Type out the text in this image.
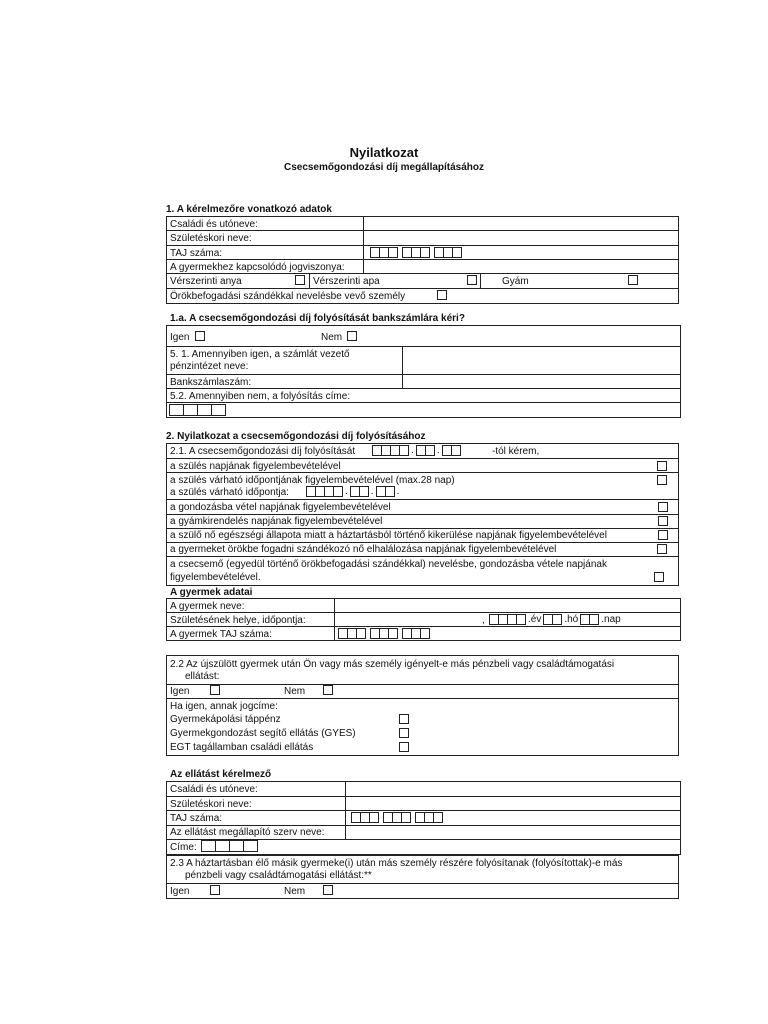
Nyilatkozat
Csecsemőgondozási díj megállapításához
1. A kérelmezőre vonatkozó adatok
Családi és utóneve:
Születéskori neve:
TAJ száma:
A gyermekhez kapcsolódó jogviszonya:
Vérszerinti anya	Vérszerinti apa	Gyám
Örökbefogadási szándékkal nevelésbe vevő személy
1.a. A csecsemőgondozási díj folyósítását bankszámlára kéri?
Igen	Nem
5. 1. Amennyiben igen, a számlát vezető
pénzintézet neve:
Bankszámlaszám:
5.2. Amennyiben nem, a folyósítás címe:
2. Nyilatkozat a csecsemőgondozási díj folyósításához
2.1. A csecsemőgondozási díj folyósítását	. .	-tól kérem,
a szülés napjának figyelembevételével
a szülés várható időpontjának figyelembevételével (max.28 nap)
a szülés várható időpontja:	. . .
a gondozásba vétel napjának figyelembevételével
a gyámkirendelés napjának figyelembevételével
a szülő nő egészségi állapota miatt a háztartásból történő kikerülése napjának figyelembevételével
a gyermeket örökbe fogadni szándékozó nő elhalálozása napjának figyelembevételével
a csecsemő (egyedül történő örökbefogadási szándékkal) nevelésbe, gondozásba vétele napjának
figyelembevételével.
A gyermek adatai
A gyermek neve:
Születésének helye, időpontja:	,	.év .hó .nap
A gyermek TAJ száma:
2.2 Az újszülött gyermek után Ön vagy más személy igényelt-e más pénzbeli vagy családtámogatási
ellátást:
Igen	Nem
Ha igen, annak jogcíme:
Gyermekápolási táppénz
Gyermekgondozást segítő ellátás (GYES)
EGT tagállamban családi ellátás
Az ellátást kérelmező
Családi és utóneve:
Születéskori neve:
TAJ száma:
Az ellátást megállapító szerv neve:
Címe:
2.3 A háztartásban élő másik gyermeke(i) után más személy részére folyósítanak (folyósítottak)-e más
pénzbeli vagy családtámogatási ellátást:**
Igen	Nem
